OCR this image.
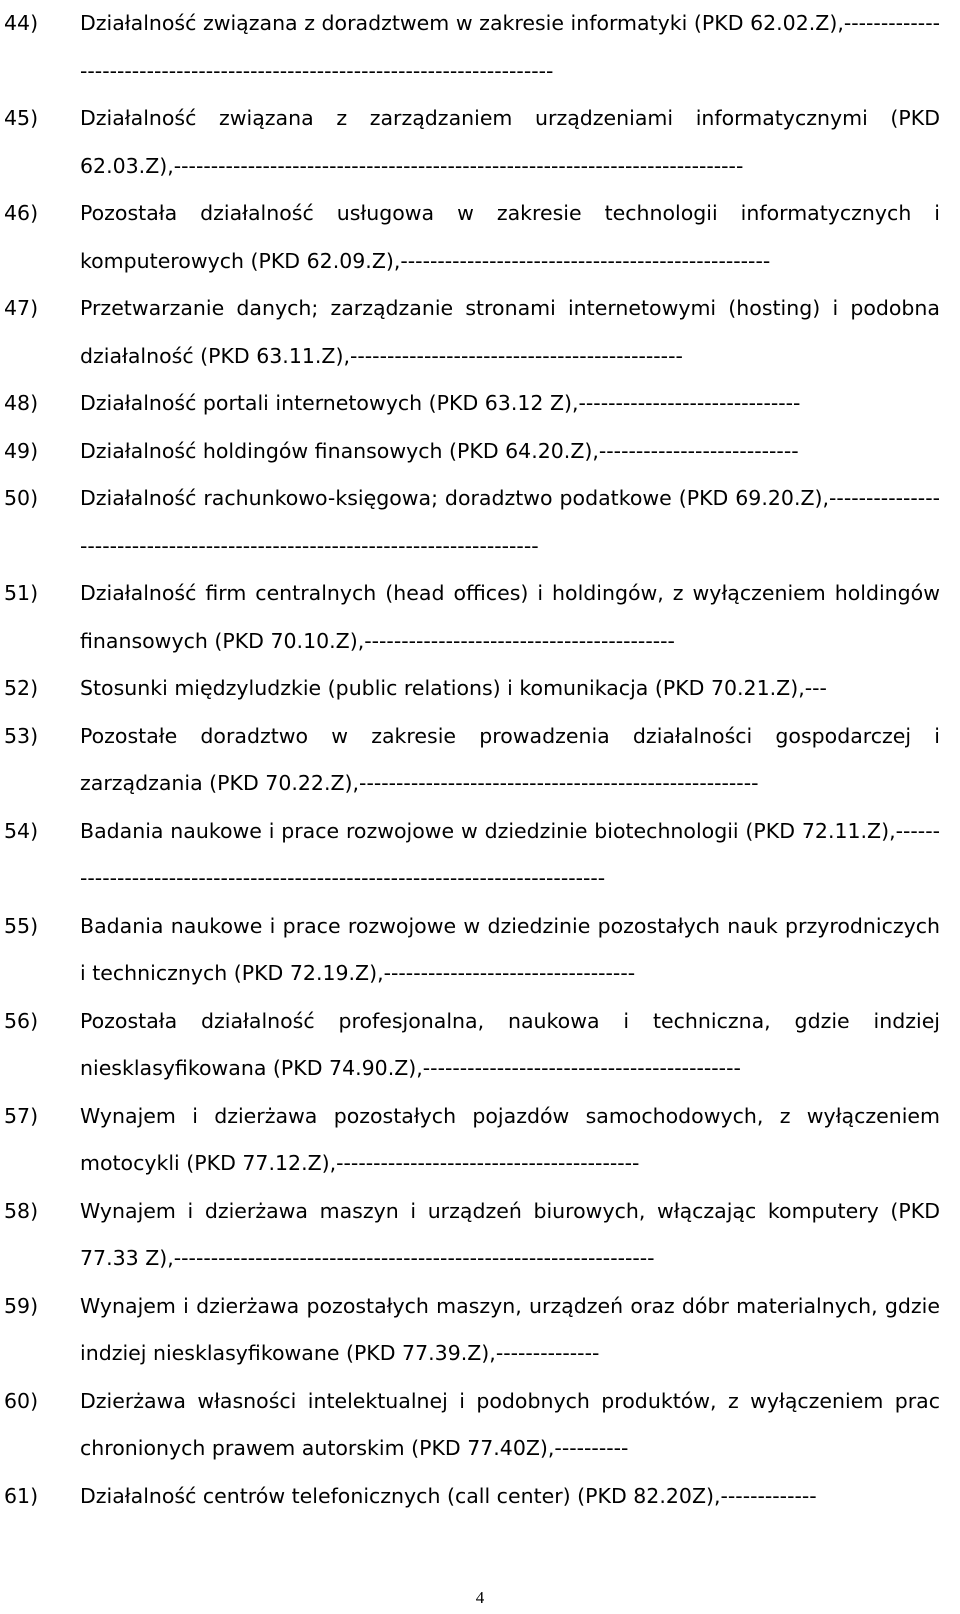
44)	Działalność związana z doradztwem w zakresie informatyki (PKD 62.02.Z),-----------------------------------------------------------------------------
45)	Działalność związana z zarządzaniem urządzeniami informatycznymi (PKD 62.03.Z),-----------------------------------------------------------------------------
46)	Pozostała działalność usługowa w zakresie technologii informatycznych i komputerowych (PKD 62.09.Z),--------------------------------------------------
47)	Przetwarzanie danych; zarządzanie stronami internetowymi (hosting) i podobna działalność (PKD 63.11.Z),---------------------------------------------
48)	Działalność portali internetowych (PKD 63.12 Z),------------------------------
49)	Działalność holdingów finansowych (PKD 64.20.Z),---------------------------
50)	Działalność rachunkowo-księgowa; doradztwo podatkowe (PKD 69.20.Z),-----------------------------------------------------------------------------
51)	Działalność firm centralnych (head offices) i holdingów, z wyłączeniem holdingów finansowych (PKD 70.10.Z),------------------------------------------
52)	Stosunki międzyludzkie (public relations) i komunikacja (PKD 70.21.Z),---
53)	Pozostałe doradztwo w zakresie prowadzenia działalności gospodarczej i zarządzania (PKD 70.22.Z),------------------------------------------------------
54)	Badania naukowe i prace rozwojowe w dziedzinie biotechnologii (PKD 72.11.Z),-----------------------------------------------------------------------------
55)	Badania naukowe i prace rozwojowe w dziedzinie pozostałych nauk przyrodniczych i technicznych (PKD 72.19.Z),----------------------------------
56)	Pozostała działalność profesjonalna, naukowa i techniczna, gdzie indziej niesklasyfikowana (PKD 74.90.Z),-------------------------------------------
57)	Wynajem i dzierżawa pozostałych pojazdów samochodowych, z wyłączeniem motocykli (PKD 77.12.Z),-----------------------------------------
58)	Wynajem i dzierżawa maszyn i urządzeń biurowych, włączając komputery (PKD 77.33 Z),-----------------------------------------------------------------
59)	Wynajem i dzierżawa pozostałych maszyn, urządzeń oraz dóbr materialnych, gdzie indziej niesklasyfikowane (PKD 77.39.Z),--------------
60)	Dzierżawa własności intelektualnej i podobnych produktów, z wyłączeniem prac chronionych prawem autorskim (PKD 77.40Z),----------
61)	Działalność centrów telefonicznych (call center) (PKD 82.20Z),-------------
4
